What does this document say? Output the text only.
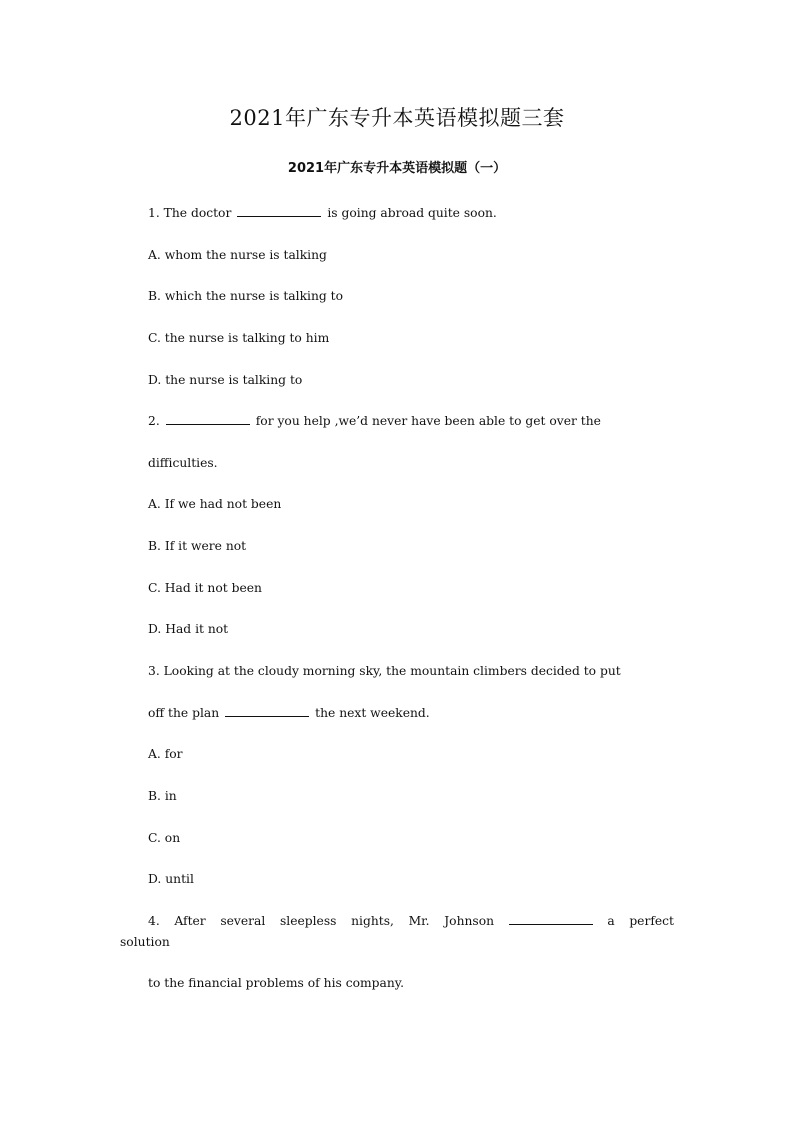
2021年广东专升本英语模拟题三套
2021年广东专升本英语模拟题（一）
1. The doctor	is going abroad quite soon.
A. whom the nurse is talking
B. which the nurse is talking to
C. the nurse is talking to him
D. the nurse is talking to
2.	for you help ,we’d never have been able to get over the
difficulties.
A. If we had not been
B. If it were not
C. Had it not been
D. Had it not
3. Looking at the cloudy morning sky, the mountain climbers decided to put
off the plan	the next weekend.
A. for
B. in
C. on
D. until
4. After several sleepless nights, Mr. Johnson	a perfect
solution
to the financial problems of his company.
